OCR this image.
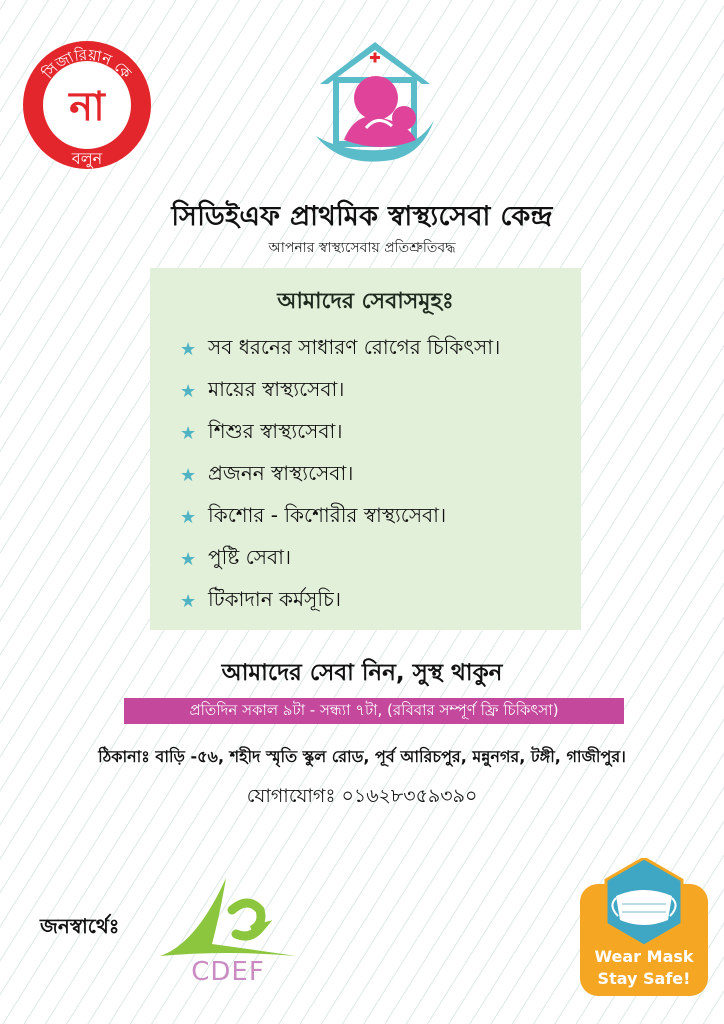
সিজারিয়ান কে
না
বলুন
সিডিইএফ প্রাথমিক স্বাস্থ্যসেবা কেন্দ্র
আপনার স্বাস্থ্যসেবায় প্রতিশ্রুতিবদ্ধ
আমাদের সেবাসমূহঃ
★ সব ধরনের সাধারণ রোগের চিকিৎসা।
★ মায়ের স্বাস্থ্যসেবা।
★ শিশুর স্বাস্থ্যসেবা।
★ প্রজনন স্বাস্থ্যসেবা।
★ কিশোর - কিশোরীর স্বাস্থ্যসেবা।
★ পুষ্টি সেবা।
★ টিকাদান কর্মসূচি।
আমাদের সেবা নিন, সুস্থ থাকুন
প্রতিদিন সকাল ৯টা - সন্ধ্যা ৭টা, (রবিবার সম্পূর্ণ ফ্রি চিকিৎসা)
ঠিকানাঃ বাড়ি -৫৬, শহীদ স্মৃতি স্কুল রোড, পূর্ব আরিচপুর, মন্নুনগর, টঙ্গী, গাজীপুর।
যোগাযোগঃ ০১৬২৮৩৫৯৩৯০
জনস্বার্থেঃ
CDEF
Wear Mask
Stay Safe!
